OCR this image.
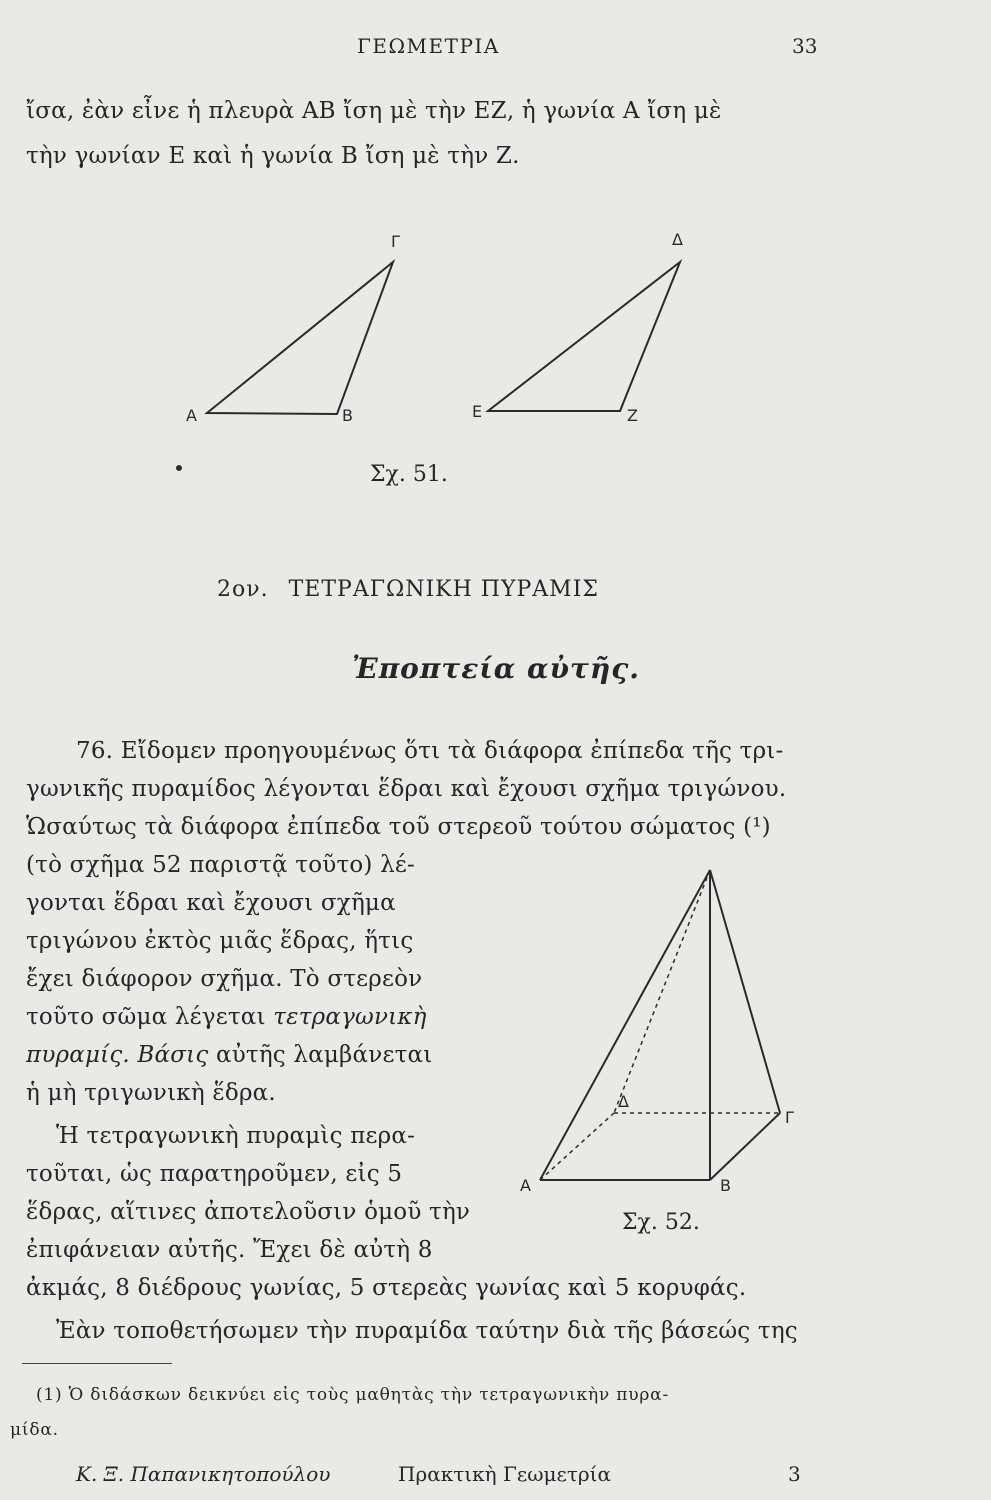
ΓΕΩΜΕΤΡΙΑ	33
ἴσα, ἐὰν εἶνε ἡ πλευρὰ ΑΒ ἴση μὲ τὴν ΕΖ, ἡ γωνία Α ἴση μὲ
τὴν γωνίαν Ε καὶ ἡ γωνία Β ἴση μὲ τὴν Ζ.
Α	Β
Γ
Ε	Ζ
Δ
Σχ. 51.
2ον. ΤΕΤΡΑΓΩΝΙΚΗ ΠΥΡΑΜΙΣ
Ἐποπτεία αὐτῆς.
76. Εἴδομεν προηγουμένως ὅτι τὰ διάφορα ἐπίπεδα τῆς τρι-
γωνικῆς πυραμίδος λέγονται ἕδραι καὶ ἔχουσι σχῆμα τριγώνου.
Ὡσαύτως τὰ διάφορα ἐπίπεδα τοῦ στερεοῦ τούτου σώματος (¹)
(τὸ σχῆμα 52 παριστᾷ τοῦτο) λέ-
γονται ἕδραι καὶ ἔχουσι σχῆμα
τριγώνου ἐκτὸς μιᾶς ἕδρας, ἥτις
ἔχει διάφορον σχῆμα. Τὸ στερεὸν
τοῦτο σῶμα λέγεται τετραγωνικὴ
πυραμίς. Βάσις αὐτῆς λαμβάνεται
ἡ μὴ τριγωνικὴ ἕδρα.
Ἡ τετραγωνικὴ πυραμὶς περα-
τοῦται, ὡς παρατηροῦμεν, εἰς 5
ἕδρας, αἵτινες ἀποτελοῦσιν ὁμοῦ τὴν
ἐπιφάνειαν αὐτῆς. Ἔχει δὲ αὐτὴ 8
ἀκμάς, 8 διέδρους γωνίας, 5 στερεὰς γωνίας καὶ 5 κορυφάς.
Ἐὰν τοποθετήσωμεν τὴν πυραμίδα ταύτην διὰ τῆς βάσεώς της
Α	Β
Γ
Δ
Σχ. 52.
(1) Ὁ διδάσκων δεικνύει εἰς τοὺς μαθητὰς τὴν τετραγωνικὴν πυρα-
μίδα.
Κ. Ξ. Παπανικητοπούλου	Πρακτικὴ Γεωμετρία	3
